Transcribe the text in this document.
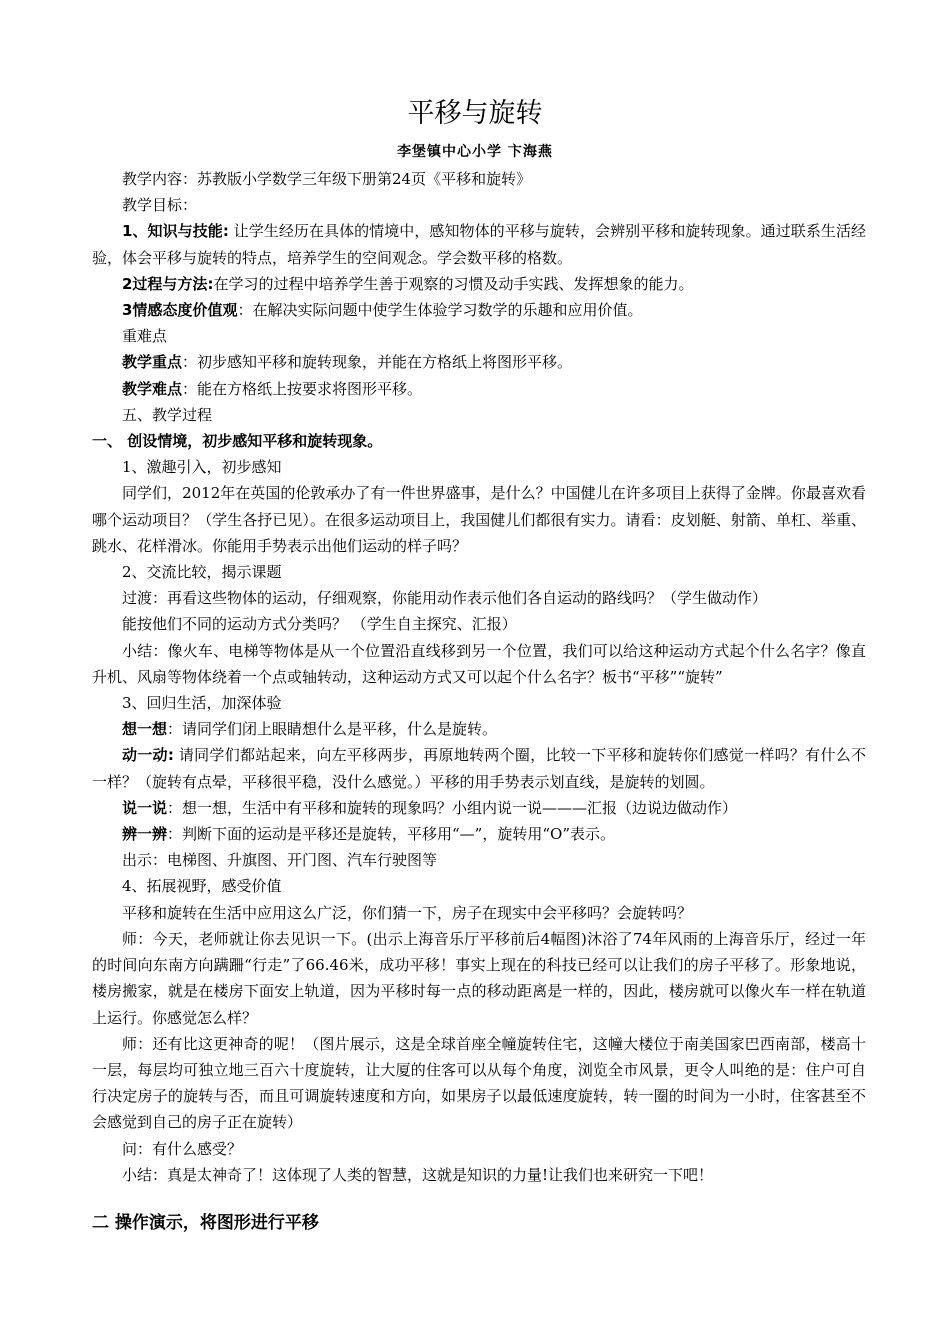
平移与旋转
李堡镇中心小学 卞海燕

教学内容：苏教版小学数学三年级下册第24页《平移和旋转》

教学目标：

1、知识与技能: 让学生经历在具体的情境中，感知物体的平移与旋转，会辨别平移和旋转现象。通过联系生活经验，体会平移与旋转的特点，培养学生的空间观念。学会数平移的格数。

2过程与方法:在学习的过程中培养学生善于观察的习惯及动手实践、发挥想象的能力。

3情感态度价值观：在解决实际问题中使学生体验学习数学的乐趣和应用价值。

重难点

教学重点：初步感知平移和旋转现象，并能在方格纸上将图形平移。

教学难点：能在方格纸上按要求将图形平移。

五、教学过程

一、 创设情境，初步感知平移和旋转现象。

1、激趣引入，初步感知

同学们，2012年在英国的伦敦承办了有一件世界盛事，是什么？中国健儿在许多项目上获得了金牌。你最喜欢看哪个运动项目？（学生各抒已见）。在很多运动项目上，我国健儿们都很有实力。请看：皮划艇、射箭、单杠、举重、跳水、花样滑冰。你能用手势表示出他们运动的样子吗？

2、交流比较，揭示课题

过渡：再看这些物体的运动，仔细观察，你能用动作表示他们各自运动的路线吗？（学生做动作）

能按他们不同的运动方式分类吗？ （学生自主探究、汇报）

小结：像火车、电梯等物体是从一个位置沿直线移到另一个位置，我们可以给这种运动方式起个什么名字？像直升机、风扇等物体绕着一个点或轴转动，这种运动方式又可以起个什么名字？板书“平移”“旋转”

3、回归生活，加深体验

想一想：请同学们闭上眼睛想什么是平移，什么是旋转。

动一动: 请同学们都站起来，向左平移两步，再原地转两个圈，比较一下平移和旋转你们感觉一样吗？有什么不一样？（旋转有点晕，平移很平稳，没什么感觉。）平移的用手势表示划直线，是旋转的划圆。

说一说：想一想，生活中有平移和旋转的现象吗？小组内说一说———汇报（边说边做动作）

辨一辨：判断下面的运动是平移还是旋转，平移用“—”，旋转用“O”表示。

出示：电梯图、升旗图、开门图、汽车行驶图等

4、拓展视野，感受价值

平移和旋转在生活中应用这么广泛，你们猜一下，房子在现实中会平移吗？会旋转吗？

师：今天，老师就让你去见识一下。(出示上海音乐厅平移前后4幅图)沐浴了74年风雨的上海音乐厅，经过一年的时间向东南方向蹒跚“行走”了66.46米，成功平移！事实上现在的科技已经可以让我们的房子平移了。形象地说，楼房搬家，就是在楼房下面安上轨道，因为平移时每一点的移动距离是一样的，因此，楼房就可以像火车一样在轨道上运行。你感觉怎么样？

师：还有比这更神奇的呢！（图片展示，这是全球首座全幢旋转住宅，这幢大楼位于南美国家巴西南部，楼高十一层，每层均可独立地三百六十度旋转，让大厦的住客可以从每个角度，浏览全市风景，更令人叫绝的是：住户可自行决定房子的旋转与否，而且可调旋转速度和方向，如果房子以最低速度旋转，转一圈的时间为一小时，住客甚至不会感觉到自己的房子正在旋转）

问：有什么感受？

小结：真是太神奇了！这体现了人类的智慧，这就是知识的力量!让我们也来研究一下吧！

二 操作演示，将图形进行平移
